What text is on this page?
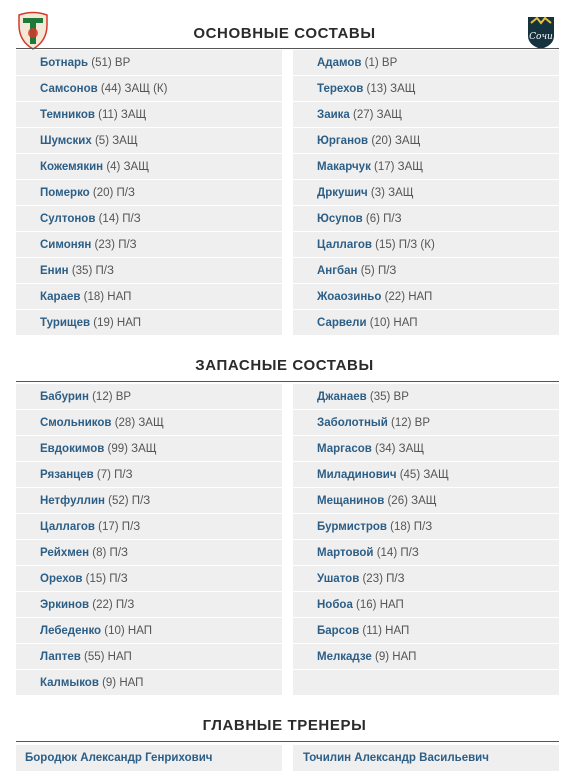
Сочи
ОСНОВНЫЕ СОСТАВЫ
Ботнарь (51) ВР
Самсонов (44) ЗАЩ (К)
Темников (11) ЗАЩ
Шумских (5) ЗАЩ
Кожемякин (4) ЗАЩ
Померко (20) П/З
Султонов (14) П/З
Симонян (23) П/З
Енин (35) П/З
Караев (18) НАП
Турищев (19) НАП
Адамов (1) ВР
Терехов (13) ЗАЩ
Заика (27) ЗАЩ
Юрганов (20) ЗАЩ
Макарчук (17) ЗАЩ
Дркушич (3) ЗАЩ
Юсупов (6) П/З
Цаллагов (15) П/З (К)
Ангбан (5) П/З
Жоаозиньо (22) НАП
Сарвели (10) НАП
ЗАПАСНЫЕ СОСТАВЫ
Бабурин (12) ВР
Смольников (28) ЗАЩ
Евдокимов (99) ЗАЩ
Рязанцев (7) П/З
Нетфуллин (52) П/З
Цаллагов (17) П/З
Рейхмен (8) П/З
Орехов (15) П/З
Эркинов (22) П/З
Лебеденко (10) НАП
Лаптев (55) НАП
Калмыков (9) НАП
Джанаев (35) ВР
Заболотный (12) ВР
Маргасов (34) ЗАЩ
Миладинович (45) ЗАЩ
Мещанинов (26) ЗАЩ
Бурмистров (18) П/З
Мартовой (14) П/З
Ушатов (23) П/З
Нобоа (16) НАП
Барсов (11) НАП
Мелкадзе (9) НАП
ГЛАВНЫЕ ТРЕНЕРЫ
Бородюк Александр Генрихович	Точилин Александр Васильевич
